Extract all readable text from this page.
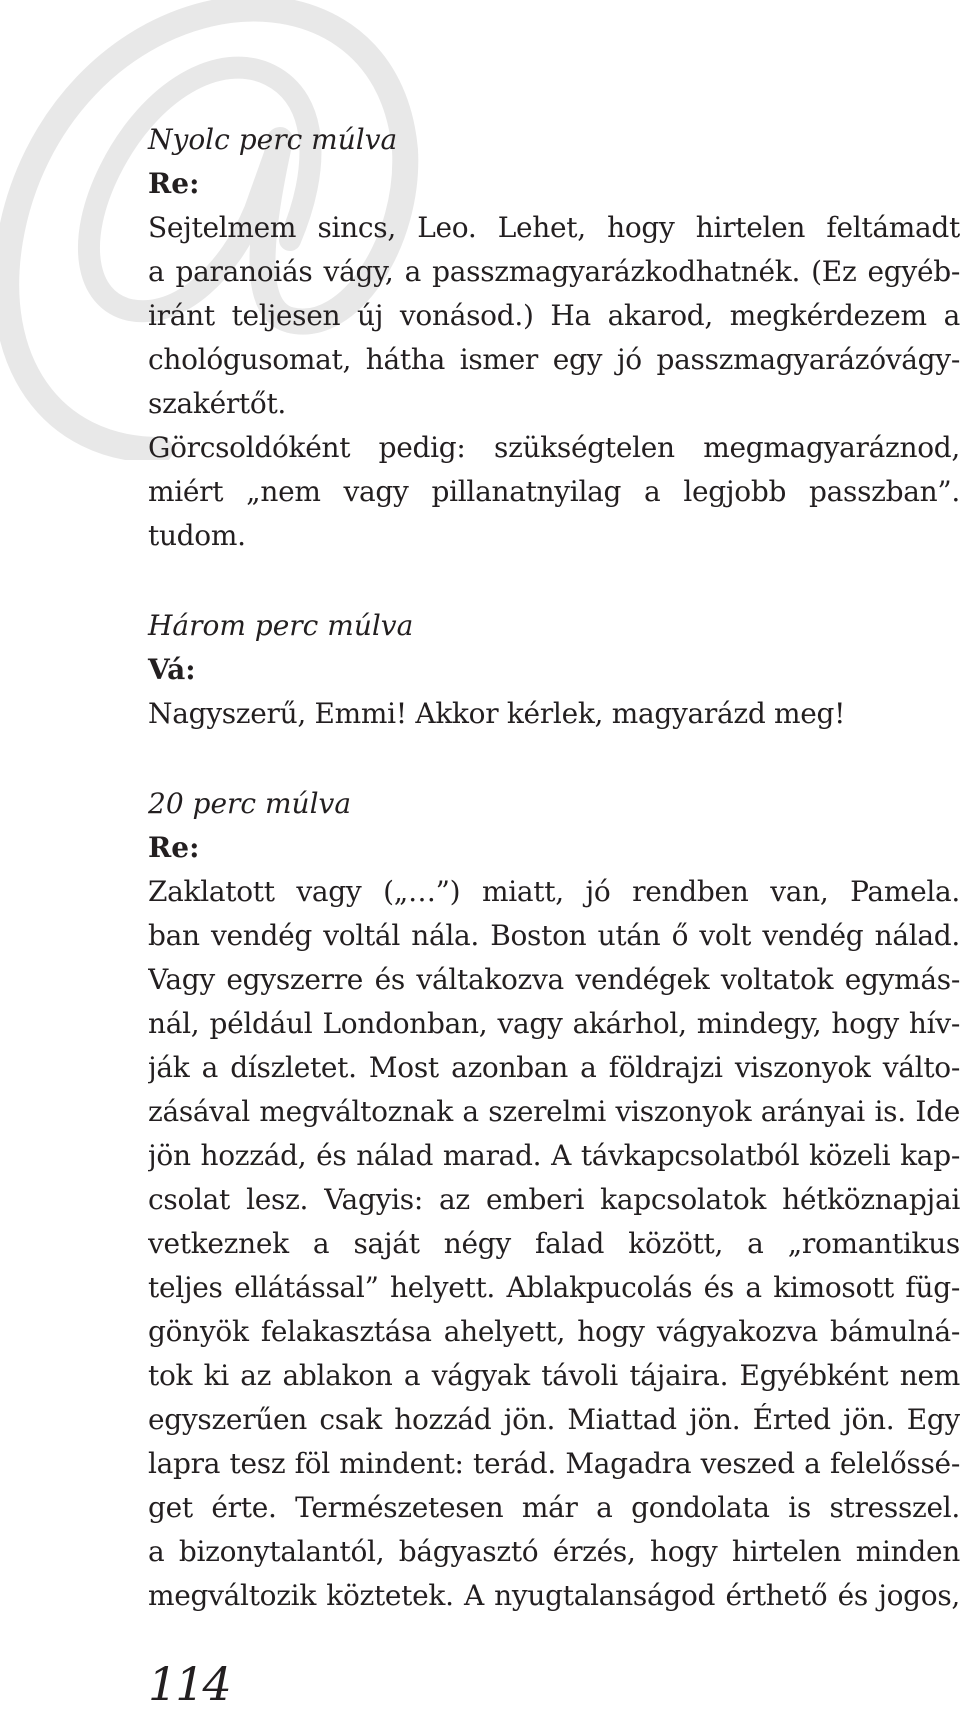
Nyolc perc múlva
Re:
Sejtelmem sincs, Leo. Lehet, hogy hirtelen feltámadt
a paranoiás vágy, a passzmagyarázkodhatnék. (Ez egyéb-
iránt teljesen új vonásod.) Ha akarod, megkérdezem a
chológusomat, hátha ismer egy jó passzmagyarázóvágy-
szakértőt.
Görcsoldóként pedig: szükségtelen megmagyaráznod,
miért „nem vagy pillanatnyilag a legjobb passzban”.
tudom.
Három perc múlva
Vá:
Nagyszerű, Emmi! Akkor kérlek, magyarázd meg!
20 perc múlva
Re:
Zaklatott vagy („…”) miatt, jó rendben van, Pamela.
ban vendég voltál nála. Boston után ő volt vendég nálad.
Vagy egyszerre és váltakozva vendégek voltatok egymás-
nál, például Londonban, vagy akárhol, mindegy, hogy hív-
ják a díszletet. Most azonban a földrajzi viszonyok válto-
zásával megváltoznak a szerelmi viszonyok arányai is. Ide
jön hozzád, és nálad marad. A távkapcsolatból közeli kap-
csolat lesz. Vagyis: az emberi kapcsolatok hétköznapjai
vetkeznek a saját négy falad között, a „romantikus
teljes ellátással” helyett. Ablakpucolás és a kimosott füg-
gönyök felakasztása ahelyett, hogy vágyakozva bámulná-
tok ki az ablakon a vágyak távoli tájaira. Egyébként nem
egyszerűen csak hozzád jön. Miattad jön. Érted jön. Egy
lapra tesz föl mindent: terád. Magadra veszed a felelőssé-
get érte. Természetesen már a gondolata is stresszel.
a bizonytalantól, bágyasztó érzés, hogy hirtelen minden
megváltozik köztetek. A nyugtalanságod érthető és jogos,
114
